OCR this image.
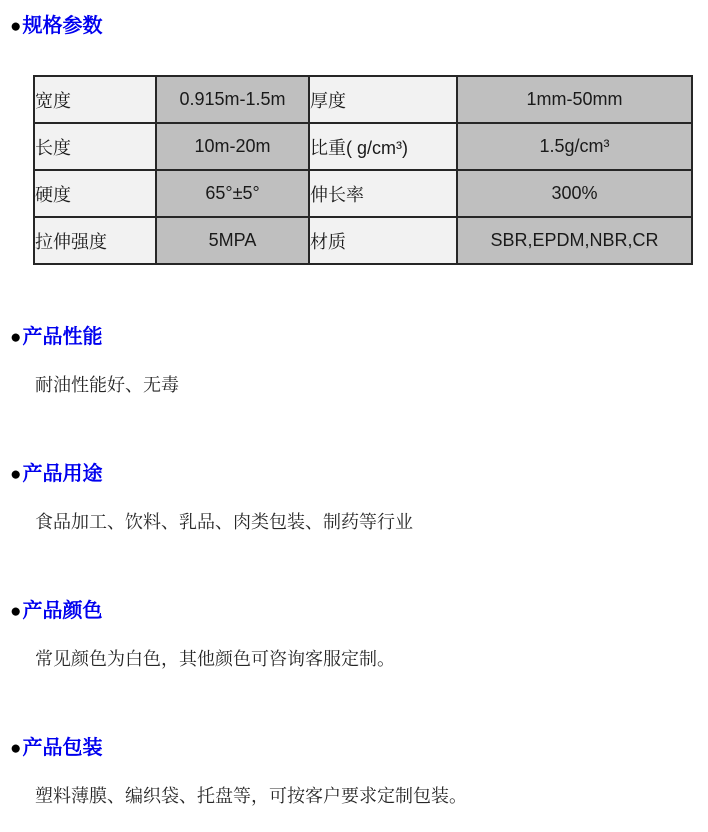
●规格参数
宽度	0.915m-1.5m	厚度	1mm-50mm
长度	10m-20m	比重( g/cm³)	1.5g/cm³
硬度	65°±5°	伸长率	300%
拉伸强度	5MPA	材质	SBR,EPDM,NBR,CR
●产品性能
耐油性能好、无毒
●产品用途
食品加工、饮料、乳品、肉类包装、制药等行业
●产品颜色
常见颜色为白色，其他颜色可咨询客服定制。
●产品包装
塑料薄膜、编织袋、托盘等，可按客户要求定制包装。
